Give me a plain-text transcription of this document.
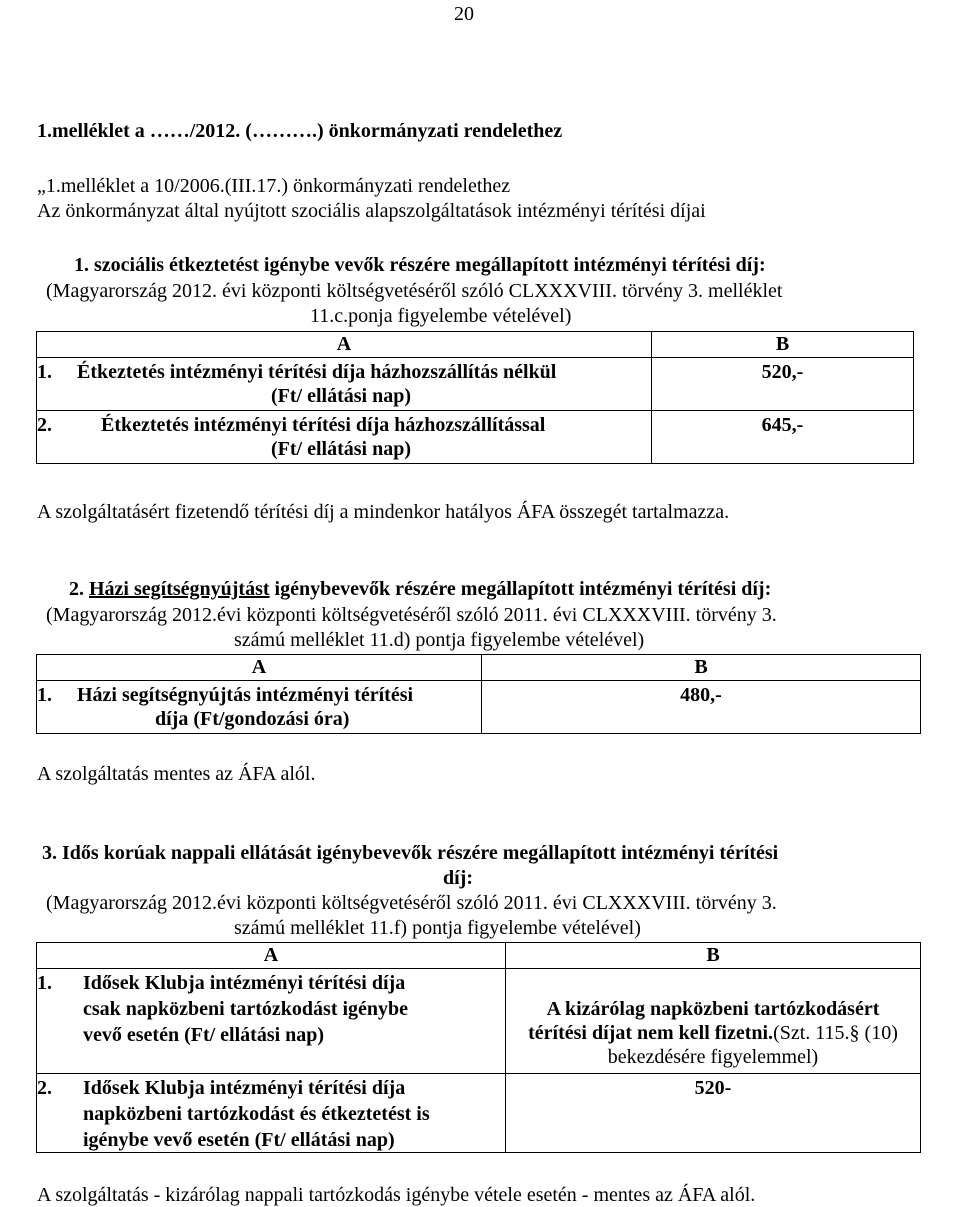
20
1.melléklet a ……/2012. (……….) önkormányzati rendelethez
„1.melléklet a 10/2006.(III.17.) önkormányzati rendelethez
Az önkormányzat által nyújtott szociális alapszolgáltatások intézményi térítési díjai
1. szociális étkeztetést igénybe vevők részére megállapított intézményi térítési díj:
(Magyarország 2012. évi központi költségvetéséről szóló CLXXXVIII. törvény 3. melléklet
11.c.ponja figyelembe vételével)
A	B

1. Étkeztetés intézményi térítési díja házhozszállítás nélkül
(Ft/ ellátási nap)	520,-

2. Étkeztetés intézményi térítési díja házhozszállítással
(Ft/ ellátási nap)	645,-
A szolgáltatásért fizetendő térítési díj a mindenkor hatályos ÁFA összegét tartalmazza.
2. Házi segítségnyújtást igénybevevők részére megállapított intézményi térítési díj:
(Magyarország 2012.évi központi költségvetéséről szóló 2011. évi CLXXXVIII. törvény 3.
számú melléklet 11.d) pontja figyelembe vételével)
A	B

1. Házi segítségnyújtás intézményi térítési
díja (Ft/gondozási óra)	480,-
A szolgáltatás mentes az ÁFA alól.
3. Idős korúak nappali ellátását igénybevevők részére megállapított intézményi térítési
díj:
(Magyarország 2012.évi központi költségvetéséről szóló 2011. évi CLXXXVIII. törvény 3.
számú melléklet 11.f) pontja figyelembe vételével)
A	B

1. Idősek Klubja intézményi térítési díja
csak napközbeni tartózkodást igénybe
vevő esetén (Ft/ ellátási nap)	A kizárólag napközbeni tartózkodásért
térítési díjat nem kell fizetni.(Szt. 115.§ (10)
bekezdésére figyelemmel)

2. Idősek Klubja intézményi térítési díja
napközbeni tartózkodást és étkeztetést is
igénybe vevő esetén (Ft/ ellátási nap)	520-
A szolgáltatás - kizárólag nappali tartózkodás igénybe vétele esetén - mentes az ÁFA alól.
